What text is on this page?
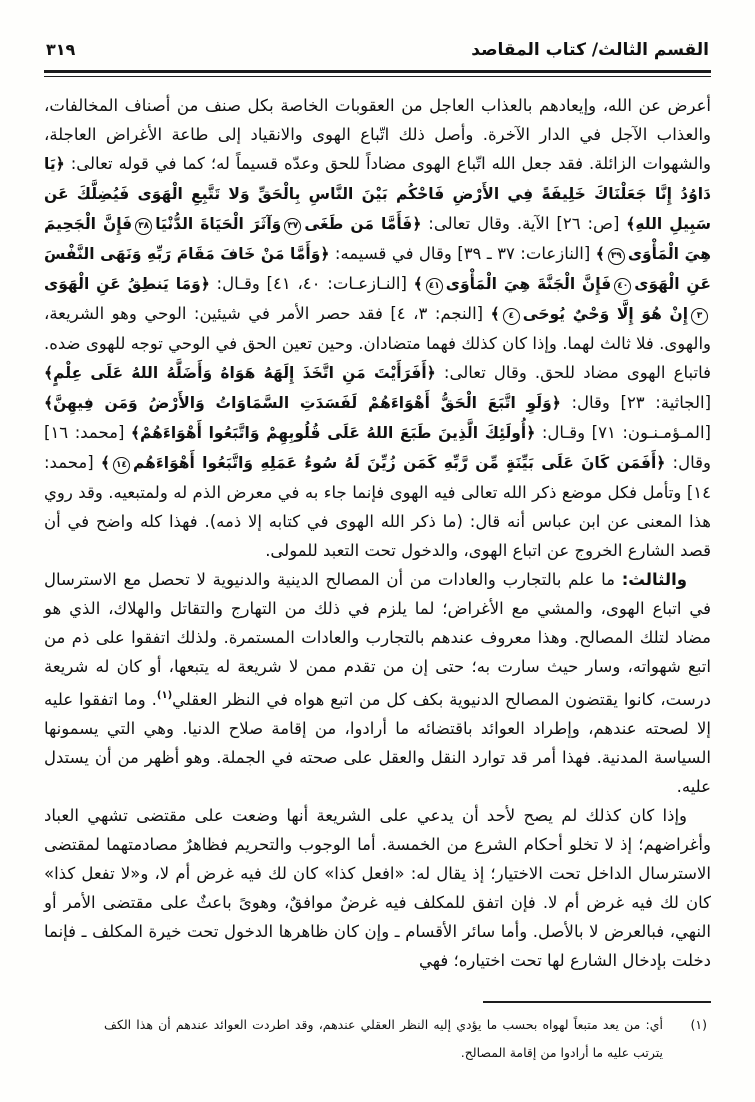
القسم الثالث/ كتاب المقاصد
٣١٩

أعرض عن الله، وإيعادهم بالعذاب العاجل من العقوبات الخاصة بكل صنف من أصناف المخالفات، والعذاب الآجل في الدار الآخرة. وأصل ذلك اتّباع الهوى والانقياد إلى طاعة الأغراض العاجلة، والشهوات الزائلة. فقد جعل الله اتّباع الهوى مضاداً للحق وعدّه قسيماً له؛ كما في قوله تعالى: ﴿يَا دَاوُدُ إِنَّا جَعَلْنَاكَ خَلِيفَةً فِي الأَرْضِ فَاحْكُم بَيْنَ النَّاسِ بِالْحَقِّ وَلا تَتَّبِعِ الْهَوَى فَيُضِلَّكَ عَن سَبِيلِ اللهِ﴾ [ص: ٢٦] الآية. وقال تعالى: ﴿فَأَمَّا مَن طَغَى٣٧وَآثَرَ الْحَيَاةَ الدُّنْيَا٣٨فَإِنَّ الْجَحِيمَ هِيَ الْمَأْوَى٣٩﴾ [النازعات: ٣٧ ـ ٣٩] وقال في قسيمه: ﴿وَأَمَّا مَنْ خَافَ مَقَامَ رَبِّهِ وَنَهَى النَّفْسَ عَنِ الْهَوَى٤٠فَإِنَّ الْجَنَّةَ هِيَ الْمَأْوَى٤١﴾ [النـازعـات: ٤٠، ٤١] وقـال: ﴿وَمَا يَنطِقُ عَنِ الْهَوَى٣إِنْ هُوَ إِلَّا وَحْيٌ يُوحَى٤﴾ [النجم: ٣، ٤] فقد حصر الأمر في شيئين: الوحي وهو الشريعة، والهوى. فلا ثالث لهما. وإذا كان كذلك فهما متضادان. وحين تعين الحق في الوحي توجه للهوى ضده. فاتباع الهوى مضاد للحق. وقال تعالى: ﴿أَفَرَأَيْتَ مَنِ اتَّخَذَ إِلَهَهُ هَوَاهُ وَأَضَلَّهُ اللهُ عَلَى عِلْمٍ﴾ [الجاثية: ٢٣] وقال: ﴿وَلَوِ اتَّبَعَ الْحَقُّ أَهْوَاءَهُمْ لَفَسَدَتِ السَّمَاوَاتُ وَالأَرْضُ وَمَن فِيهِنَّ﴾ [المـؤمـنـون: ٧١] وقـال: ﴿أُولَئِكَ الَّذِينَ طَبَعَ اللهُ عَلَى قُلُوبِهِمْ وَاتَّبَعُوا أَهْوَاءَهُمْ﴾ [محمد: ١٦] وقال: ﴿أَفَمَن كَانَ عَلَى بَيِّنَةٍ مِّن رَّبِّهِ كَمَن زُيِّنَ لَهُ سُوءُ عَمَلِهِ وَاتَّبَعُوا أَهْوَاءَهُم١٤﴾ [محمد: ١٤] وتأمل فكل موضع ذكر الله تعالى فيه الهوى فإنما جاء به في معرض الذم له ولمتبعيه. وقد روي هذا المعنى عن ابن عباس أنه قال: (ما ذكر الله الهوى في كتابه إلا ذمه). فهذا كله واضح في أن قصد الشارع الخروج عن اتباع الهوى، والدخول تحت التعبد للمولى.

والثالث: ما علم بالتجارب والعادات من أن المصالح الدينية والدنيوية لا تحصل مع الاسترسال في اتباع الهوى، والمشي مع الأغراض؛ لما يلزم في ذلك من التهارج والتقاتل والهلاك، الذي هو مضاد لتلك المصالح. وهذا معروف عندهم بالتجارب والعادات المستمرة. ولذلك اتفقوا على ذم من اتبع شهواته، وسار حيث سارت به؛ حتى إن من تقدم ممن لا شريعة له يتبعها، أو كان له شريعة درست، كانوا يقتضون المصالح الدنيوية بكف كل من اتبع هواه في النظر العقلي$^{(١)}$. وما اتفقوا عليه إلا لصحته عندهم، وإطراد العوائد باقتضائه ما أرادوا، من إقامة صلاح الدنيا. وهي التي يسمونها السياسة المدنية. فهذا أمر قد توارد النقل والعقل على صحته في الجملة. وهو أظهر من أن يستدل عليه.

وإذا كان كذلك لم يصح لأحد أن يدعي على الشريعة أنها وضعت على مقتضى تشهي العباد وأغراضهم؛ إذ لا تخلو أحكام الشرع من الخمسة. أما الوجوب والتحريم فظاهرٌ مصادمتهما لمقتضى الاسترسال الداخل تحت الاختيار؛ إذ يقال له: «افعل كذا» كان لك فيه غرض أم لا، و«لا تفعل كذا» كان لك فيه غرض أم لا. فإن اتفق للمكلف فيه غرضٌ موافقٌ، وهوىً باعثٌ على مقتضى الأمر أو النهي، فبالعرض لا بالأصل. وأما سائر الأقسام ـ وإن كان ظاهرها الدخول تحت خيرة المكلف ـ فإنما دخلت بإدخال الشارع لها تحت اختياره؛ فهي

(١)
أي: من يعد متبعاً لهواه بحسب ما يؤدي إليه النظر العقلي عندهم، وقد اطردت العوائد عندهم أن هذا الكف يترتب عليه ما أرادوا من إقامة المصالح.
